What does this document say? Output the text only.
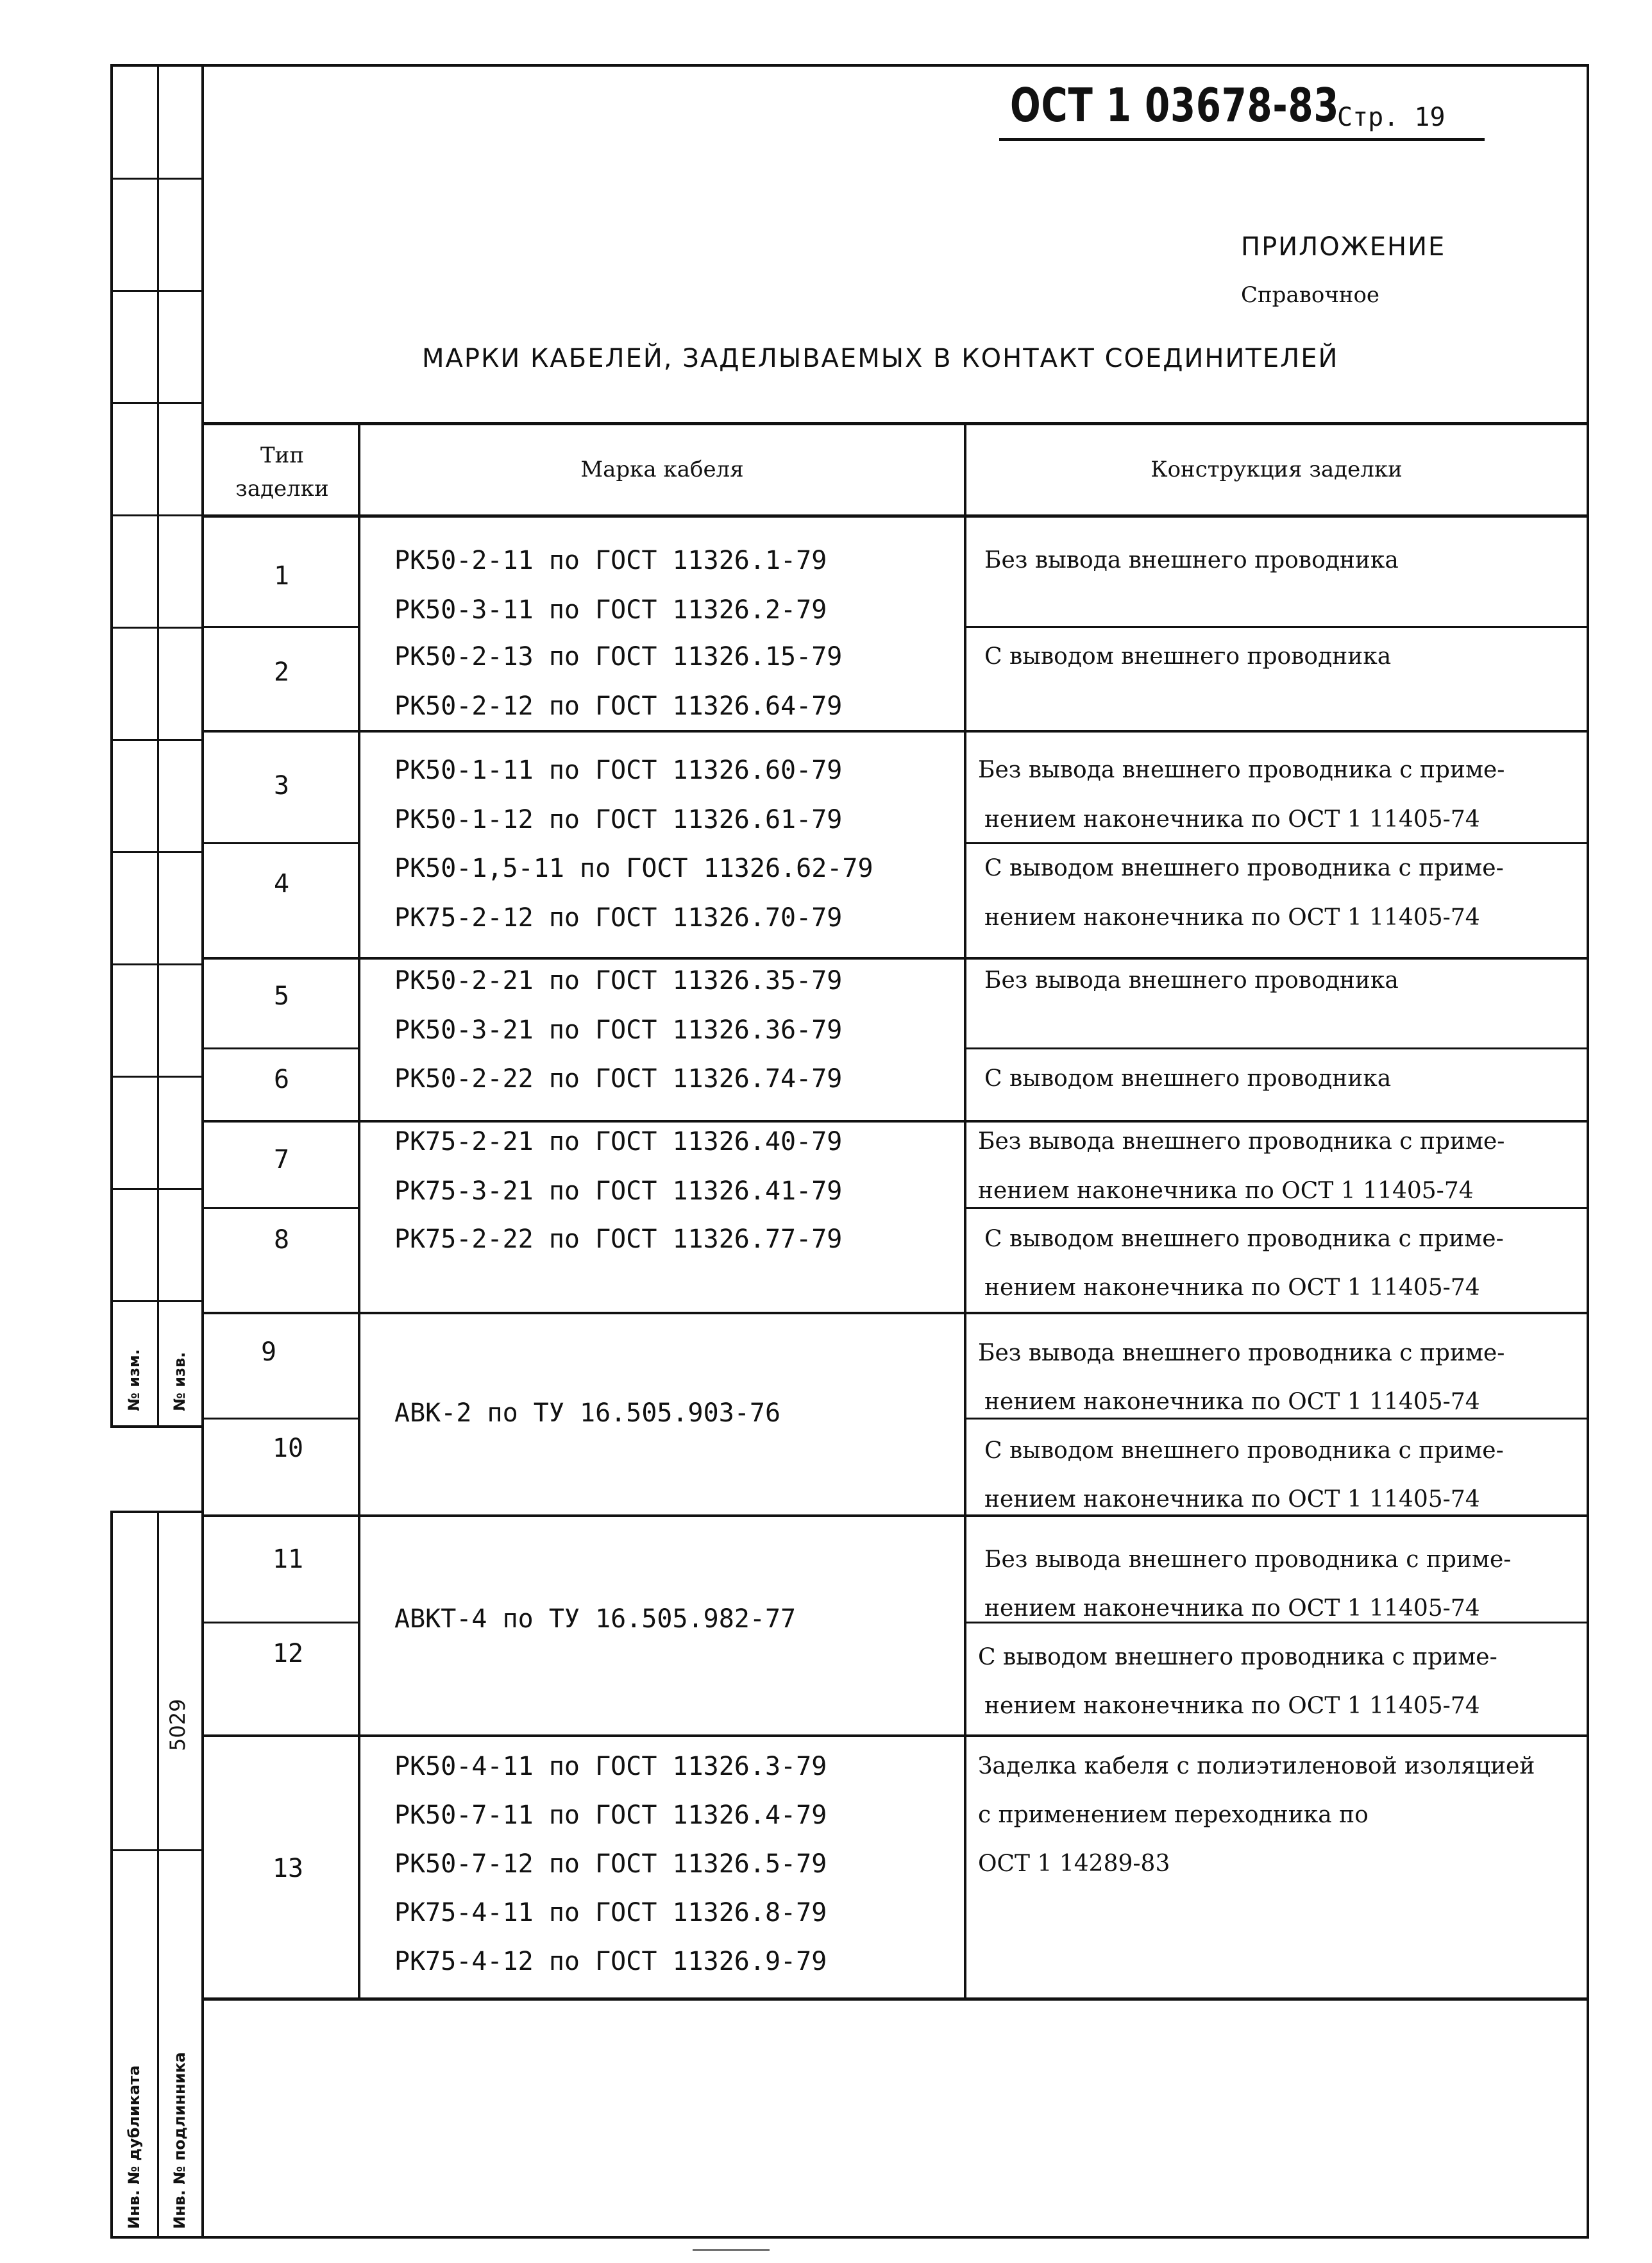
ОСТ 1 03678-83
Стр. 19
ПРИЛОЖЕНИЕ
Справочное
МАРКИ КАБЕЛЕЙ, ЗАДЕЛЫВАЕМЫХ В КОНТАКТ СОЕДИНИТЕЛЕЙ
Тип
заделки
Марка кабеля	Конструкция заделки
1
2
3
4
5
6
7
8
9
10
11
12
13
РК50-2-11 по ГОСТ 11326.1-79
РК50-3-11 по ГОСТ 11326.2-79
РК50-2-13 по ГОСТ 11326.15-79
РК50-2-12 по ГОСТ 11326.64-79
РК50-1-11 по ГОСТ 11326.60-79
РК50-1-12 по ГОСТ 11326.61-79
РК50-1,5-11 по ГОСТ 11326.62-79
РК75-2-12 по ГОСТ 11326.70-79
РК50-2-21 по ГОСТ 11326.35-79
РК50-3-21 по ГОСТ 11326.36-79
РК50-2-22 по ГОСТ 11326.74-79
РК75-2-21 по ГОСТ 11326.40-79
РК75-3-21 по ГОСТ 11326.41-79
РК75-2-22 по ГОСТ 11326.77-79
АВК-2 по ТУ 16.505.903-76
АВКТ-4 по ТУ 16.505.982-77
РК50-4-11 по ГОСТ 11326.3-79
РК50-7-11 по ГОСТ 11326.4-79
РК50-7-12 по ГОСТ 11326.5-79
РК75-4-11 по ГОСТ 11326.8-79
РК75-4-12 по ГОСТ 11326.9-79
Без вывода внешнего проводника
С выводом внешнего проводника
Без вывода внешнего проводника с приме-
нением наконечника по ОСТ 1 11405-74
С выводом внешнего проводника с приме-
нением наконечника по ОСТ 1 11405-74
Без вывода внешнего проводника
С выводом внешнего проводника
Без вывода внешнего проводника с приме-
нением наконечника по ОСТ 1 11405-74
С выводом внешнего проводника с приме-
нением наконечника по ОСТ 1 11405-74
Без вывода внешнего проводника с приме-
нением наконечника по ОСТ 1 11405-74
С выводом внешнего проводника с приме-
нением наконечника по ОСТ 1 11405-74
Без вывода внешнего проводника с приме-
нением наконечника по ОСТ 1 11405-74
С выводом внешнего проводника с приме-
нением наконечника по ОСТ 1 11405-74
Заделка кабеля с полиэтиленовой изоляцией
с применением переходника по
ОСТ 1 14289-83
№ изм. № изв.
5029
Инв. № дубликата Инв. № подлинника
